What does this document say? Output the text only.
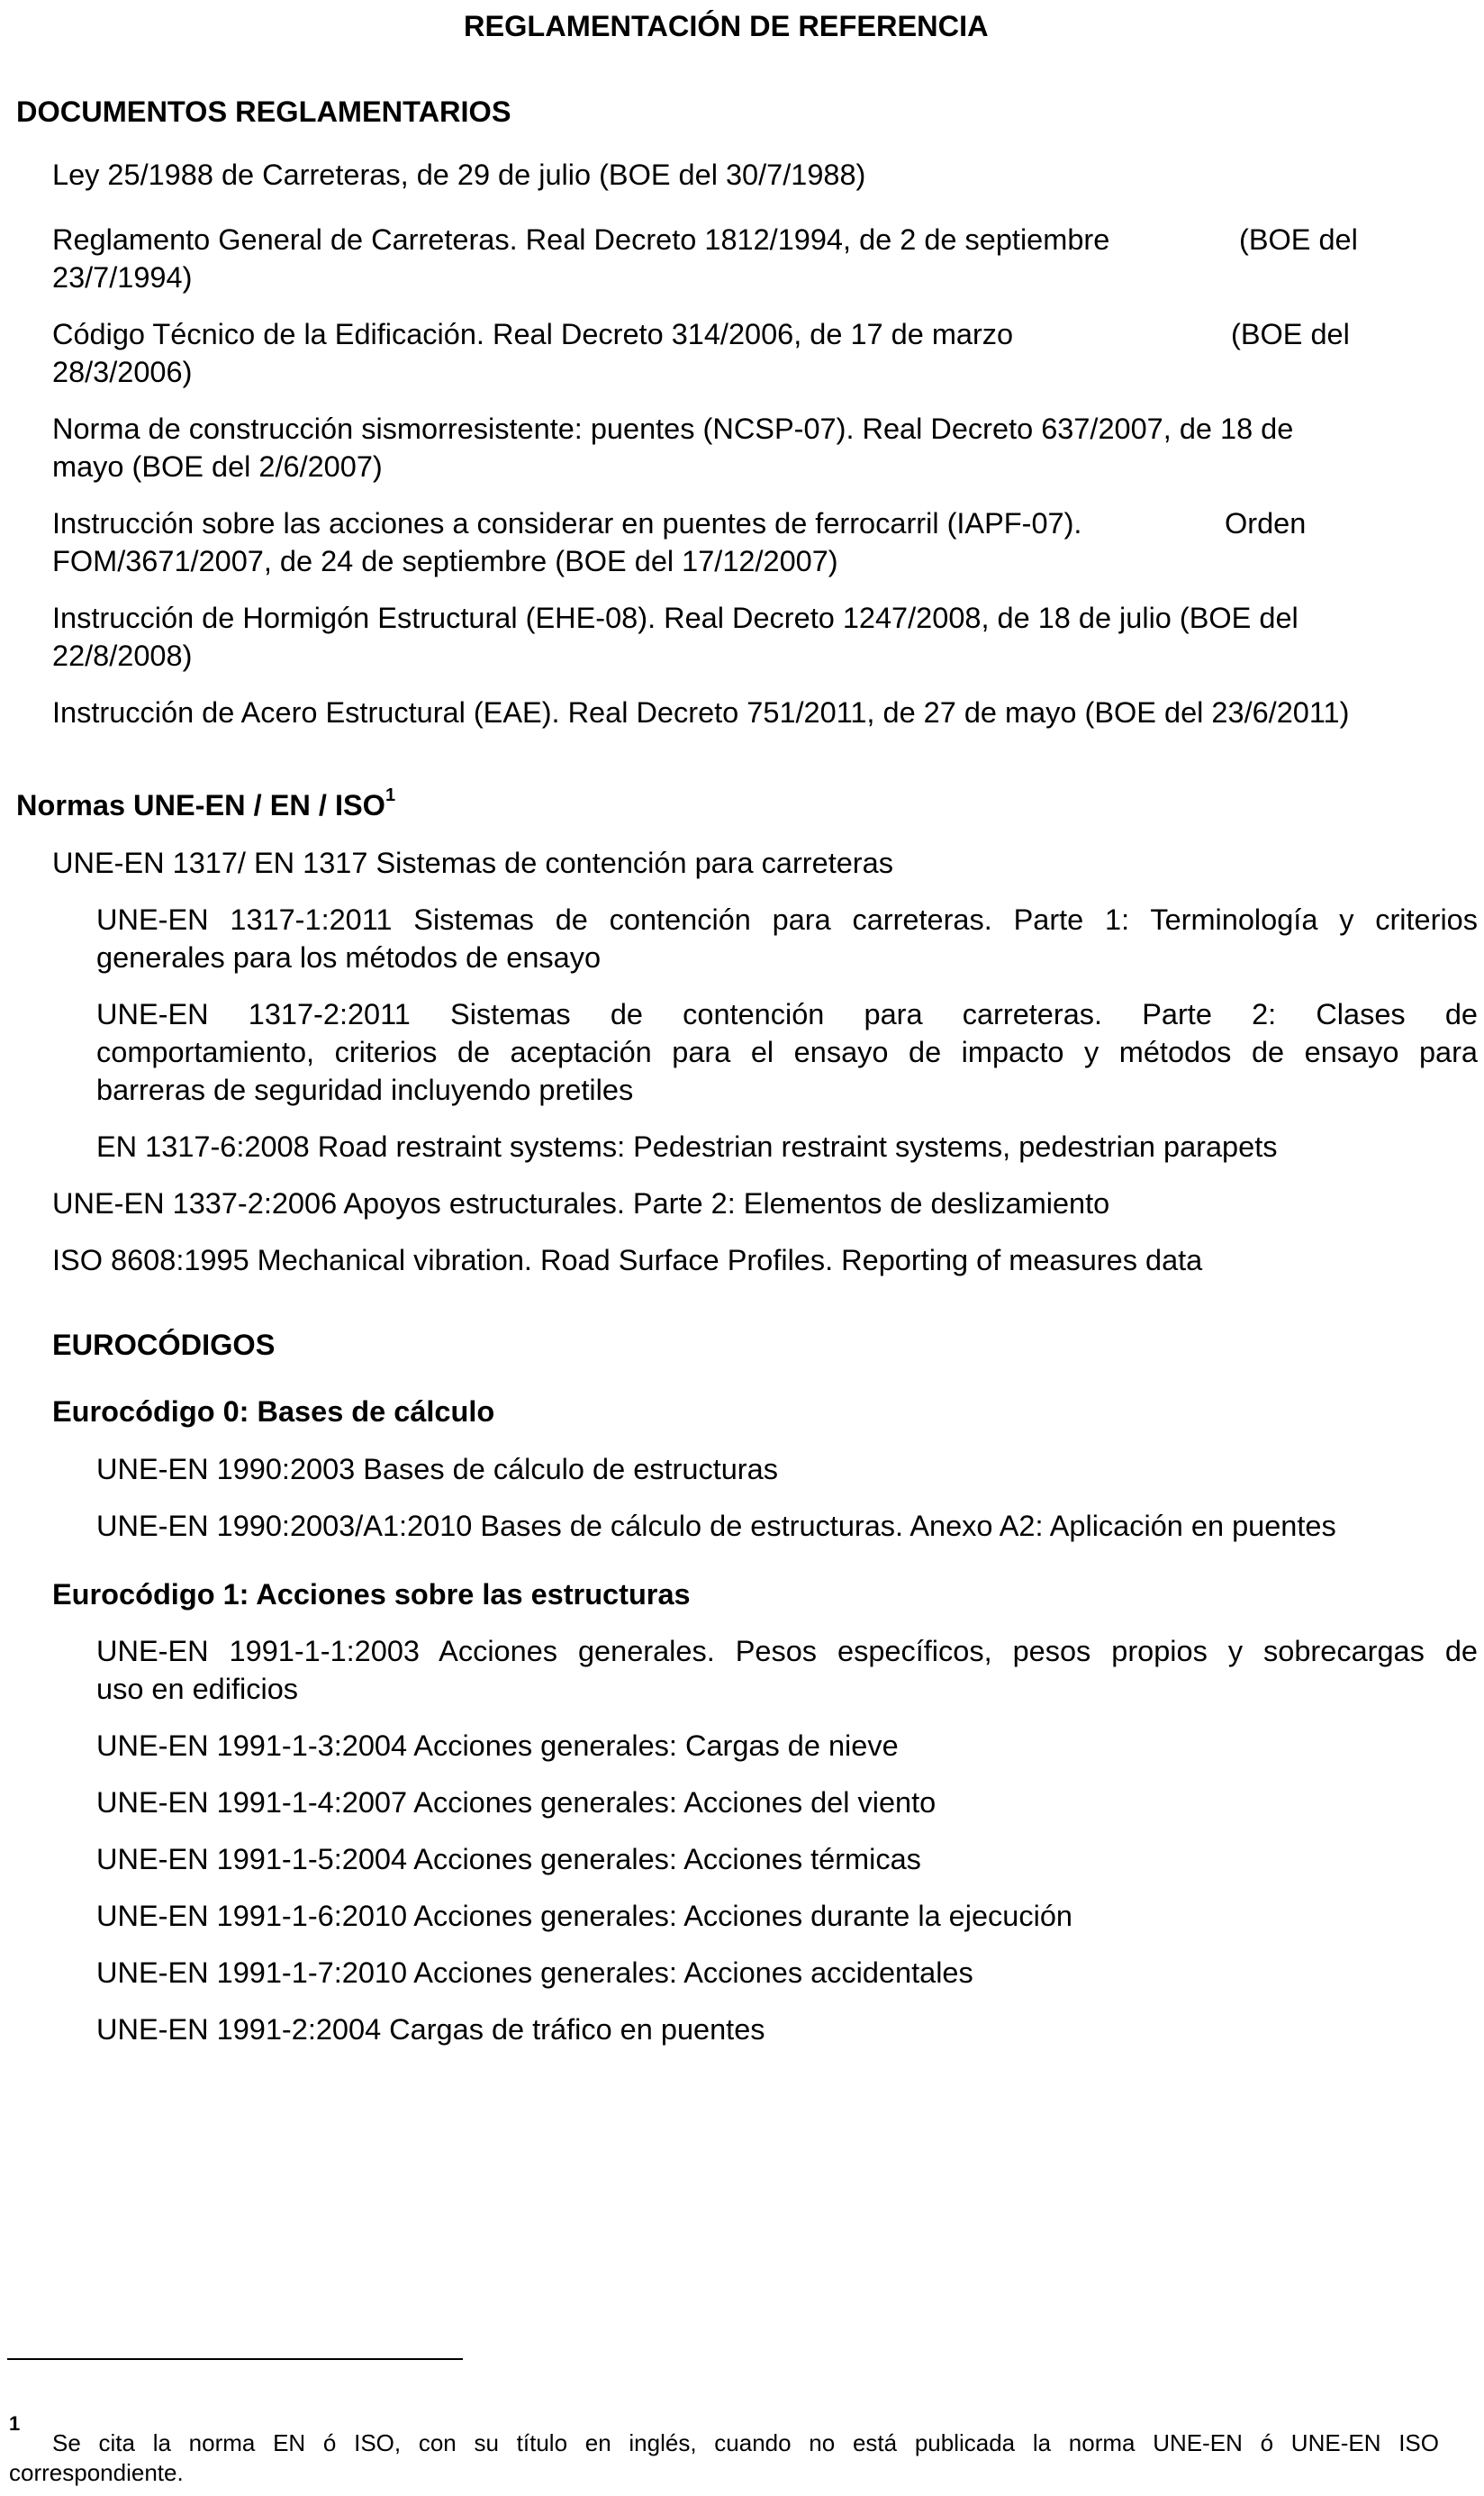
REGLAMENTACIÓN DE REFERENCIA
DOCUMENTOS REGLAMENTARIOS
Ley 25/1988 de Carreteras, de 29 de julio (BOE del 30/7/1988)
Reglamento General de Carreteras. Real Decreto 1812/1994, de 2 de septiembre	(BOE del
23/7/1994)
Código Técnico de la Edificación. Real Decreto 314/2006, de 17 de marzo	(BOE del
28/3/2006)
Norma de construcción sismorresistente: puentes (NCSP-07). Real Decreto 637/2007, de 18 de
mayo (BOE del 2/6/2007)
Instrucción sobre las acciones a considerar en puentes de ferrocarril (IAPF-07).	Orden
FOM/3671/2007, de 24 de septiembre (BOE del 17/12/2007)
Instrucción de Hormigón Estructural (EHE-08). Real Decreto 1247/2008, de 18 de julio (BOE del
22/8/2008)
Instrucción de Acero Estructural (EAE). Real Decreto 751/2011, de 27 de mayo (BOE del 23/6/2011)
Normas UNE-EN / EN / ISO$^1$
UNE-EN 1317/ EN 1317 Sistemas de contención para carreteras
UNE-EN 1317-1:2011 Sistemas de contención para carreteras. Parte 1: Terminología y criterios
generales para los métodos de ensayo
UNE-EN 1317-2:2011 Sistemas de contención para carreteras. Parte 2: Clases de
comportamiento, criterios de aceptación para el ensayo de impacto y métodos de ensayo para
barreras de seguridad incluyendo pretiles
EN 1317-6:2008 Road restraint systems: Pedestrian restraint systems, pedestrian parapets
UNE-EN 1337-2:2006 Apoyos estructurales. Parte 2: Elementos de deslizamiento
ISO 8608:1995 Mechanical vibration. Road Surface Profiles. Reporting of measures data
EUROCÓDIGOS
Eurocódigo 0: Bases de cálculo
UNE-EN 1990:2003 Bases de cálculo de estructuras
UNE-EN 1990:2003/A1:2010 Bases de cálculo de estructuras. Anexo A2: Aplicación en puentes
Eurocódigo 1: Acciones sobre las estructuras
UNE-EN 1991-1-1:2003 Acciones generales. Pesos específicos, pesos propios y sobrecargas de
uso en edificios
UNE-EN 1991-1-3:2004 Acciones generales: Cargas de nieve
UNE-EN 1991-1-4:2007 Acciones generales: Acciones del viento
UNE-EN 1991-1-5:2004 Acciones generales: Acciones térmicas
UNE-EN 1991-1-6:2010 Acciones generales: Acciones durante la ejecución
UNE-EN 1991-1-7:2010 Acciones generales: Acciones accidentales
UNE-EN 1991-2:2004 Cargas de tráfico en puentes
1
Se cita la norma EN ó ISO, con su título en inglés, cuando no está publicada la norma UNE-EN ó UNE-EN ISO
correspondiente.
